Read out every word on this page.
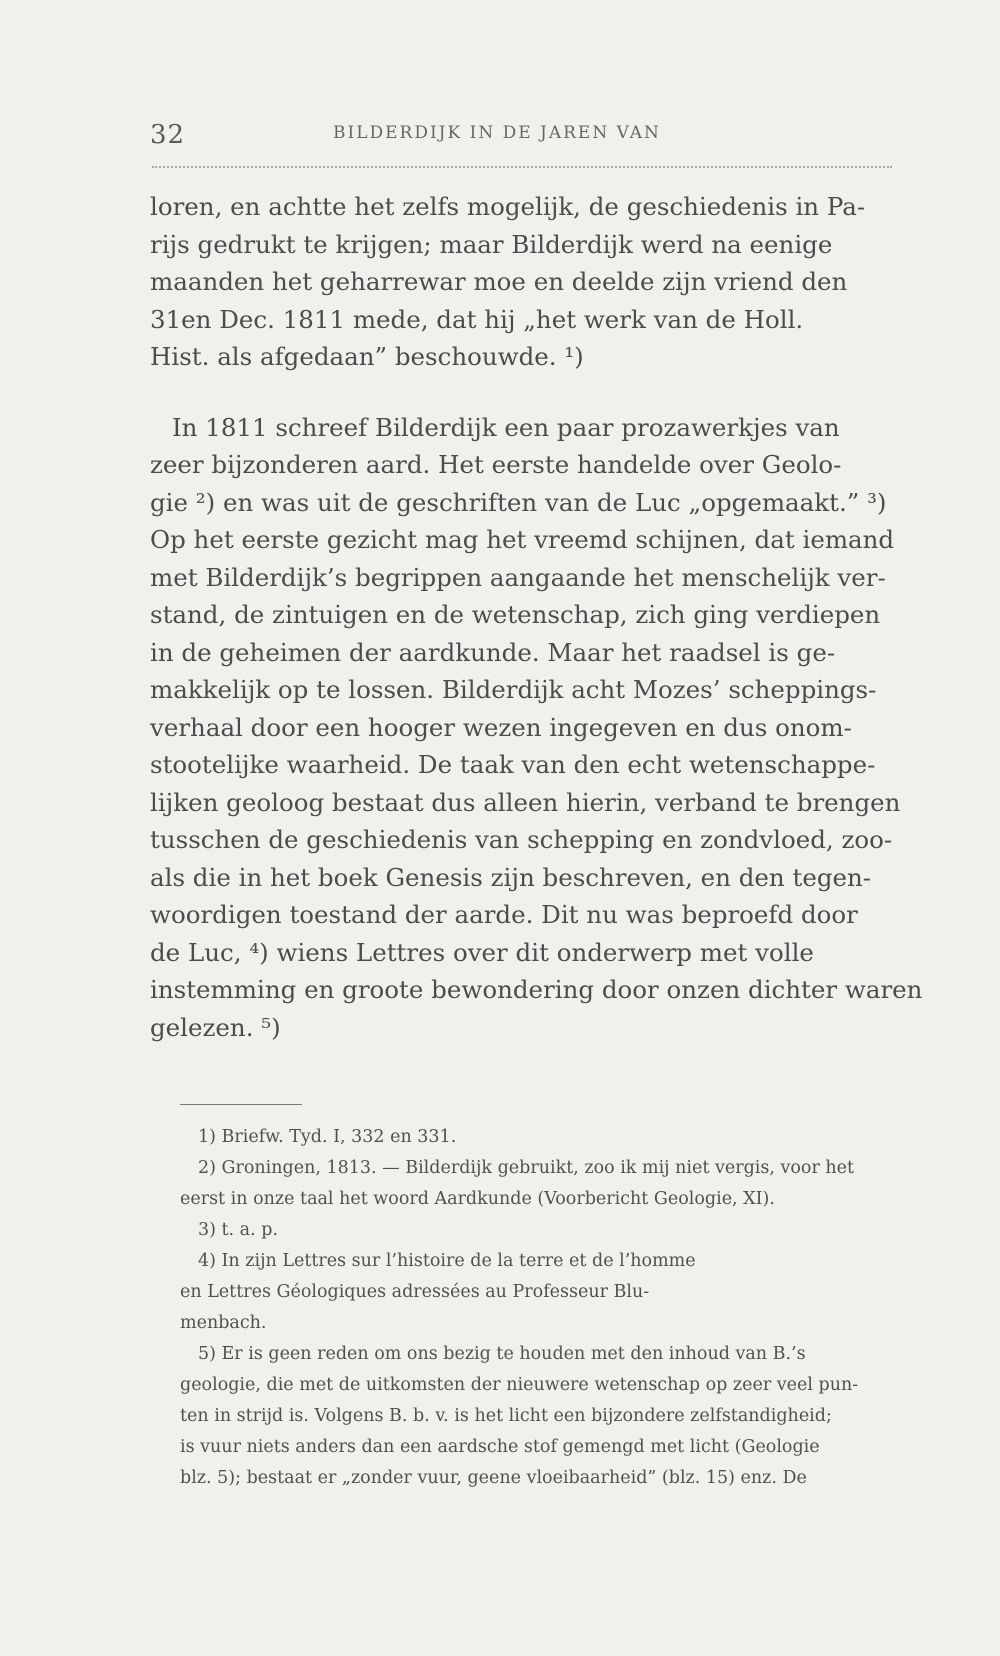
32	BILDERDIJK IN DE JAREN VAN

loren, en achtte het zelfs mogelijk, de geschiedenis in Pa-

rijs gedrukt te krijgen; maar Bilderdijk werd na eenige

maanden het geharrewar moe en deelde zijn vriend den

31en Dec. 1811 mede, dat hij „het werk van de Holl.

Hist. als afgedaan” beschouwde. ¹)

In 1811 schreef Bilderdijk een paar prozawerkjes van

zeer bijzonderen aard. Het eerste handelde over Geolo-

gie ²) en was uit de geschriften van de Luc „opgemaakt.” ³)

Op het eerste gezicht mag het vreemd schijnen, dat iemand

met Bilderdijk’s begrippen aangaande het menschelijk ver-

stand, de zintuigen en de wetenschap, zich ging verdiepen

in de geheimen der aardkunde. Maar het raadsel is ge-

makkelijk op te lossen. Bilderdijk acht Mozes’ scheppings-

verhaal door een hooger wezen ingegeven en dus onom-

stootelijke waarheid. De taak van den echt wetenschappe-

lijken geoloog bestaat dus alleen hierin, verband te brengen

tusschen de geschiedenis van schepping en zondvloed, zoo-

als die in het boek Genesis zijn beschreven, en den tegen-

woordigen toestand der aarde. Dit nu was beproefd door

de Luc, ⁴) wiens Lettres over dit onderwerp met volle

instemming en groote bewondering door onzen dichter waren

gelezen. ⁵)

1) Briefw. Tyd. I, 332 en 331.

2) Groningen, 1813. — Bilderdijk gebruikt, zoo ik mij niet vergis, voor het

eerst in onze taal het woord Aardkunde (Voorbericht Geologie, XI).

3) t. a. p.

4) In zijn Lettres sur l’histoire de la terre et de l’homme

en Lettres Géologiques adressées au Professeur Blu-

menbach.

5) Er is geen reden om ons bezig te houden met den inhoud van B.’s

geologie, die met de uitkomsten der nieuwere wetenschap op zeer veel pun-

ten in strijd is. Volgens B. b. v. is het licht een bijzondere zelfstandigheid;

is vuur niets anders dan een aardsche stof gemengd met licht (Geologie

blz. 5); bestaat er „zonder vuur, geene vloeibaarheid” (blz. 15) enz. De
